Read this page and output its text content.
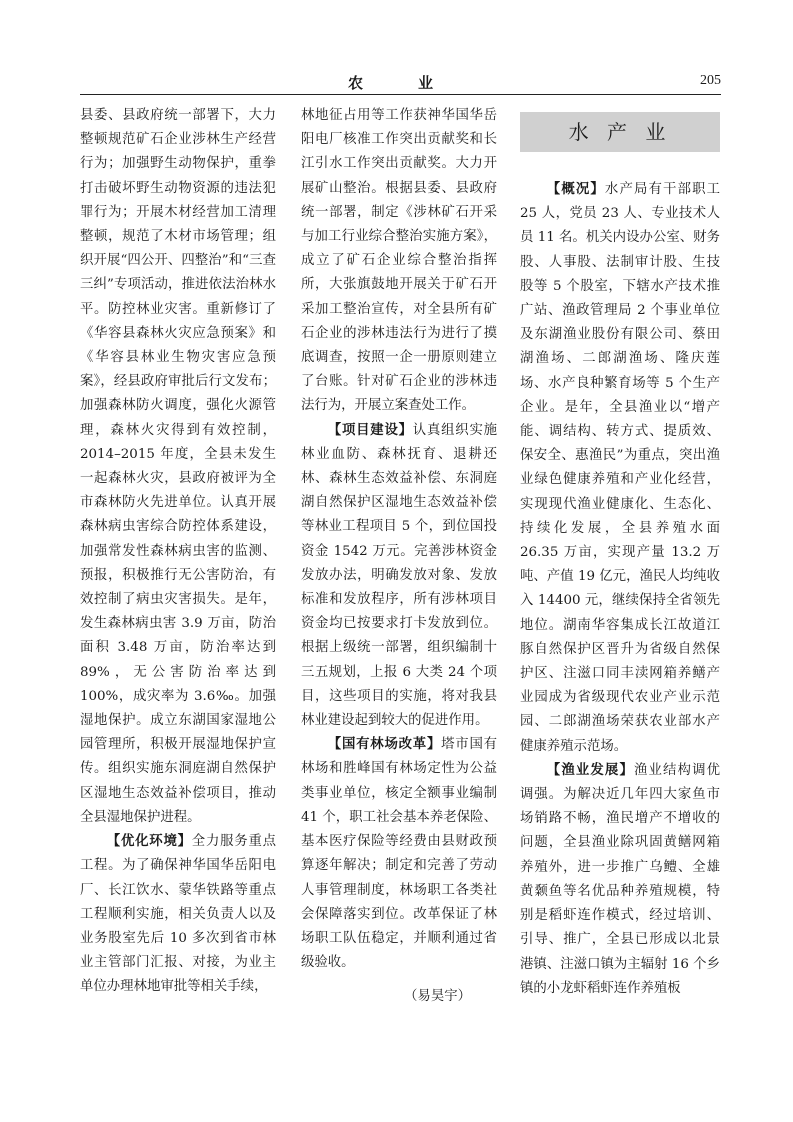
农　业	205

县委、县政府统一部署下，大力整顿规范矿石企业涉林生产经营行为；加强野生动物保护，重拳打击破坏野生动物资源的违法犯罪行为；开展木材经营加工清理整顿，规范了木材市场管理；组织开展“四公开、四整治”和“三查三纠”专项活动，推进依法治林水平。防控林业灾害。重新修订了《华容县森林火灾应急预案》和《华容县林业生物灾害应急预案》，经县政府审批后行文发布；加强森林防火调度，强化火源管理，森林火灾得到有效控制，2014–2015 年度，全县未发生一起森林火灾，县政府被评为全市森林防火先进单位。认真开展森林病虫害综合防控体系建设，加强常发性森林病虫害的监测、预报，积极推行无公害防治，有效控制了病虫灾害损失。是年，发生森林病虫害 3.9 万亩，防治面积 3.48 万亩，防治率达到 89%，无公害防治率达到 100%，成灾率为 3.6‰。加强湿地保护。成立东湖国家湿地公园管理所，积极开展湿地保护宣传。组织实施东洞庭湖自然保护区湿地生态效益补偿项目，推动全县湿地保护进程。

【优化环境】全力服务重点工程。为了确保神华国华岳阳电厂、长江饮水、蒙华铁路等重点工程顺利实施，相关负责人以及业务股室先后 10 多次到省市林业主管部门汇报、对接，为业主单位办理林地审批等相关手续，

林地征占用等工作获神华国华岳阳电厂核准工作突出贡献奖和长江引水工作突出贡献奖。大力开展矿山整治。根据县委、县政府统一部署，制定《涉林矿石开采与加工行业综合整治实施方案》，成立了矿石企业综合整治指挥所，大张旗鼓地开展关于矿石开采加工整治宣传，对全县所有矿石企业的涉林违法行为进行了摸底调查，按照一企一册原则建立了台账。针对矿石企业的涉林违法行为，开展立案查处工作。

【项目建设】认真组织实施林业血防、森林抚育、退耕还林、森林生态效益补偿、东洞庭湖自然保护区湿地生态效益补偿等林业工程项目 5 个，到位国投资金 1542 万元。完善涉林资金发放办法，明确发放对象、发放标准和发放程序，所有涉林项目资金均已按要求打卡发放到位。根据上级统一部署，组织编制十三五规划，上报 6 大类 24 个项目，这些项目的实施，将对我县林业建设起到较大的促进作用。

【国有林场改革】塔市国有林场和胜峰国有林场定性为公益类事业单位，核定全额事业编制 41 个，职工社会基本养老保险、基本医疗保险等经费由县财政预算逐年解决；制定和完善了劳动人事管理制度，林场职工各类社会保障落实到位。改革保证了林场职工队伍稳定，并顺利通过省级验收。

（易昊宇）
水 产 业

【概况】水产局有干部职工 25 人，党员 23 人、专业技术人员 11 名。机关内设办公室、财务股、人事股、法制审计股、生技股等 5 个股室，下辖水产技术推广站、渔政管理局 2 个事业单位及东湖渔业股份有限公司、蔡田湖渔场、二郎湖渔场、隆庆莲场、水产良种繁育场等 5 个生产企业。是年，全县渔业以“增产能、调结构、转方式、提质效、保安全、惠渔民”为重点，突出渔业绿色健康养殖和产业化经营，实现现代渔业健康化、生态化、持续化发展，全县养殖水面 26.35 万亩，实现产量 13.2 万吨、产值 19 亿元，渔民人均纯收入 14400 元，继续保持全省领先地位。湖南华容集成长江故道江豚自然保护区晋升为省级自然保护区、注滋口同丰渎网箱养鳝产业园成为省级现代农业产业示范园、二郎湖渔场荣获农业部水产健康养殖示范场。

【渔业发展】渔业结构调优调强。为解决近几年四大家鱼市场销路不畅，渔民增产不增收的问题，全县渔业除巩固黄鳝网箱养殖外，进一步推广乌鳢、全雄黄颡鱼等名优品种养殖规模，特别是稻虾连作模式，经过培训、引导、推广，全县已形成以北景港镇、注滋口镇为主辐射 16 个乡镇的小龙虾稻虾连作养殖板
